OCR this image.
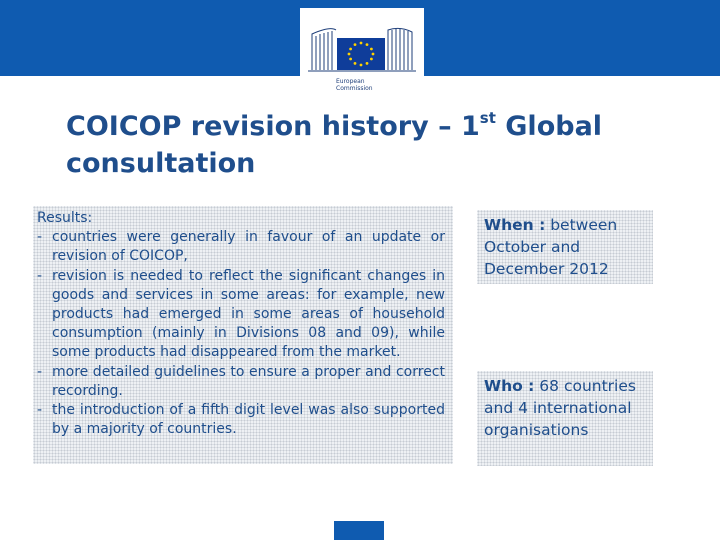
European
Commission
COICOP revision history – 1st Global consultation
Results:
- countries were generally in favour of an update or revision of COICOP,
- revision is needed to reflect the significant changes in goods and services in some areas: for example, new products had emerged in some areas of household consumption (mainly in Divisions 08 and 09), while some products had disappeared from the market.
- more detailed guidelines to ensure a proper and correct recording.
- the introduction of a fifth digit level was also supported by a majority of countries.
When : between October and December 2012
Who : 68 countries and 4 international organisations
